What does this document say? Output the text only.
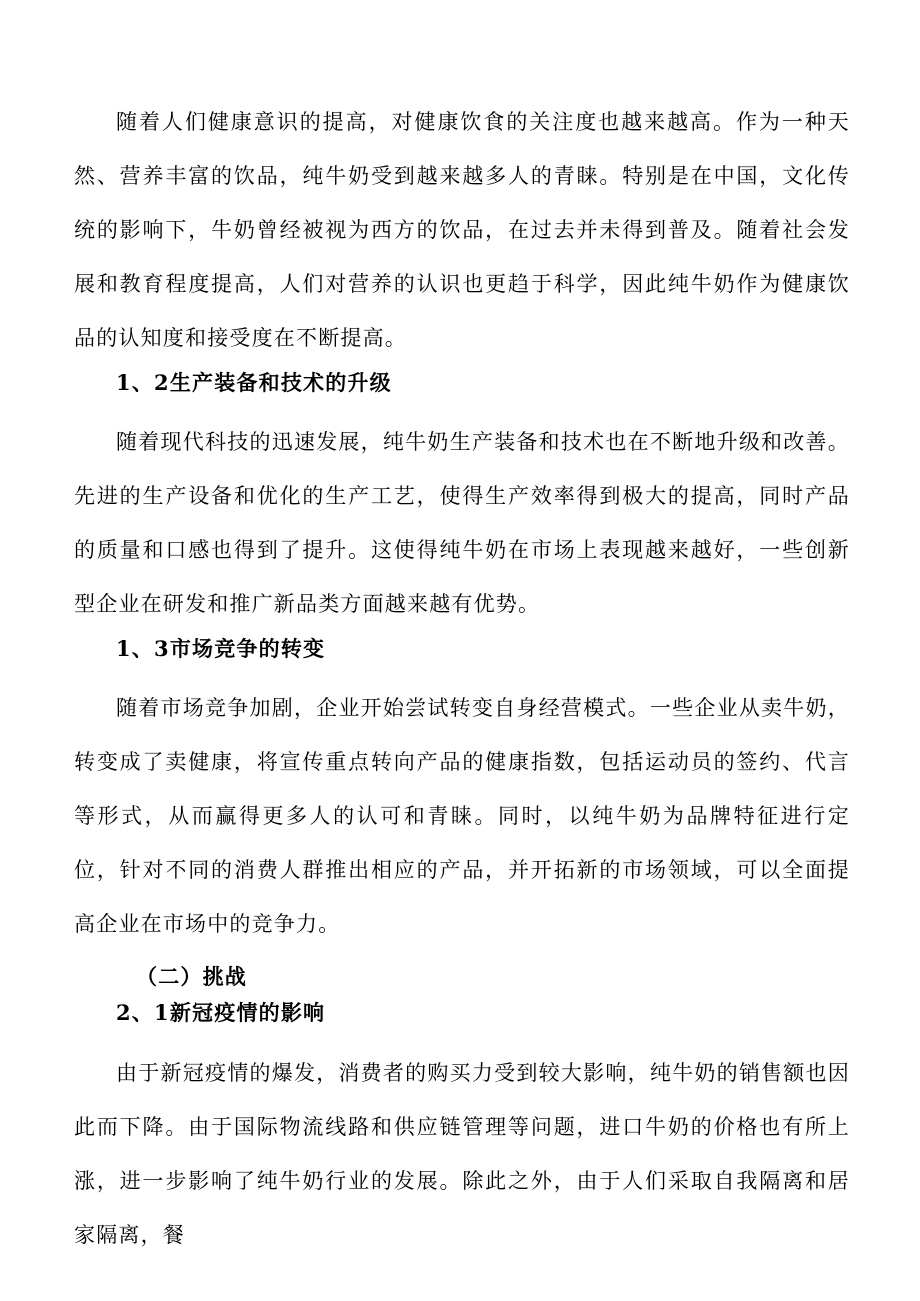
随着人们健康意识的提高，对健康饮食的关注度也越来越高。作为一种天然、营养丰富的饮品，纯牛奶受到越来越多人的青睐。特别是在中国，文化传统的影响下，牛奶曾经被视为西方的饮品，在过去并未得到普及。随着社会发展和教育程度提高，人们对营养的认识也更趋于科学，因此纯牛奶作为健康饮品的认知度和接受度在不断提高。

1、2生产装备和技术的升级

随着现代科技的迅速发展，纯牛奶生产装备和技术也在不断地升级和改善。先进的生产设备和优化的生产工艺，使得生产效率得到极大的提高，同时产品的质量和口感也得到了提升。这使得纯牛奶在市场上表现越来越好，一些创新型企业在研发和推广新品类方面越来越有优势。

1、3市场竞争的转变

随着市场竞争加剧，企业开始尝试转变自身经营模式。一些企业从卖牛奶，转变成了卖健康，将宣传重点转向产品的健康指数，包括运动员的签约、代言等形式，从而赢得更多人的认可和青睐。同时，以纯牛奶为品牌特征进行定位，针对不同的消费人群推出相应的产品，并开拓新的市场领域，可以全面提高企业在市场中的竞争力。

（二）挑战
2、1新冠疫情的影响

由于新冠疫情的爆发，消费者的购买力受到较大影响，纯牛奶的销售额也因此而下降。由于国际物流线路和供应链管理等问题，进口牛奶的价格也有所上涨，进一步影响了纯牛奶行业的发展。除此之外，由于人们采取自我隔离和居家隔离，餐
